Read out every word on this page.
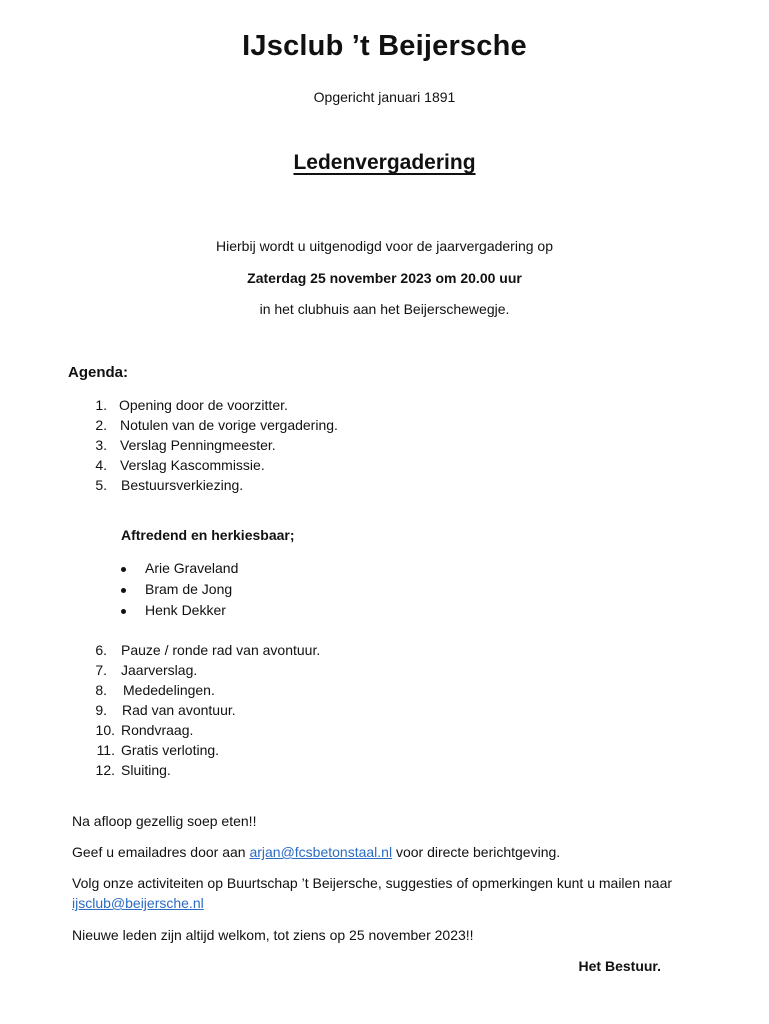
IJsclub ’t Beijersche
Opgericht januari 1891
Ledenvergadering
Hierbij wordt u uitgenodigd voor de jaarvergadering op
Zaterdag 25 november 2023 om 20.00 uur
in het clubhuis aan het Beijerschewegje.
Agenda:
1. Opening door de voorzitter.
2. Notulen van de vorige vergadering.
3. Verslag Penningmeester.
4. Verslag Kascommissie.
5. Bestuursverkiezing.
Aftredend en herkiesbaar;
Arie Graveland
Bram de Jong
Henk Dekker
6. Pauze / ronde rad van avontuur.
7. Jaarverslag.
8. Mededelingen.
9. Rad van avontuur.
10. Rondvraag.
11. Gratis verloting.
12. Sluiting.
Na afloop gezellig soep eten!!
Geef u emailadres door aan arjan@fcsbetonstaal.nl voor directe berichtgeving.
Volg onze activiteiten op Buurtschap ’t Beijersche, suggesties of opmerkingen kunt u mailen naar
ijsclub@beijersche.nl
Nieuwe leden zijn altijd welkom, tot ziens op 25 november 2023!!
Het Bestuur.
